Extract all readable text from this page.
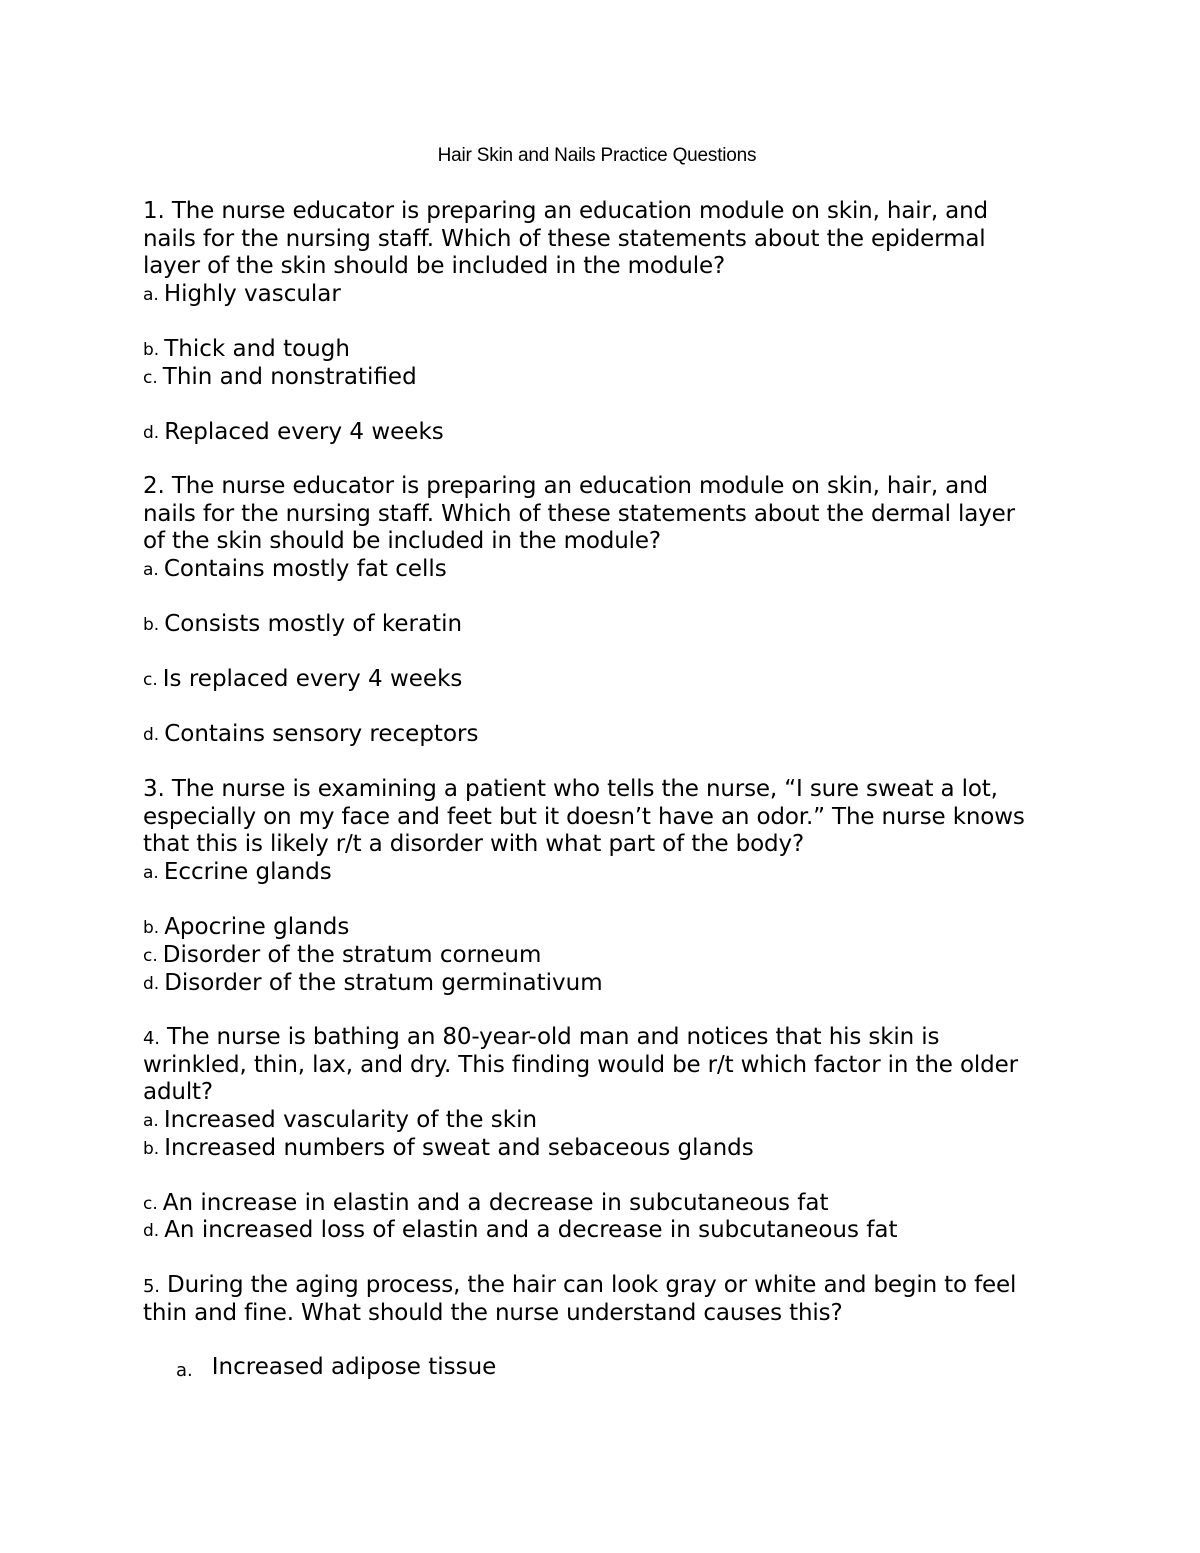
Hair Skin and Nails Practice Questions
1. The nurse educator is preparing an education module on skin, hair, and
nails for the nursing staff. Which of these statements about the epidermal
layer of the skin should be included in the module?
a. Highly vascular
b. Thick and tough
c. Thin and nonstratified
d. Replaced every 4 weeks
2. The nurse educator is preparing an education module on skin, hair, and
nails for the nursing staff. Which of these statements about the dermal layer
of the skin should be included in the module?
a. Contains mostly fat cells
b. Consists mostly of keratin
c. Is replaced every 4 weeks
d. Contains sensory receptors
3. The nurse is examining a patient who tells the nurse, “I sure sweat a lot,
especially on my face and feet but it doesn’t have an odor.” The nurse knows
that this is likely r/t a disorder with what part of the body?
a. Eccrine glands
b. Apocrine glands
c. Disorder of the stratum corneum
d. Disorder of the stratum germinativum
4. The nurse is bathing an 80-year-old man and notices that his skin is
wrinkled, thin, lax, and dry. This finding would be r/t which factor in the older
adult?
a. Increased vascularity of the skin
b. Increased numbers of sweat and sebaceous glands
c. An increase in elastin and a decrease in subcutaneous fat
d. An increased loss of elastin and a decrease in subcutaneous fat
5. During the aging process, the hair can look gray or white and begin to feel
thin and fine. What should the nurse understand causes this?
a. Increased adipose tissue
